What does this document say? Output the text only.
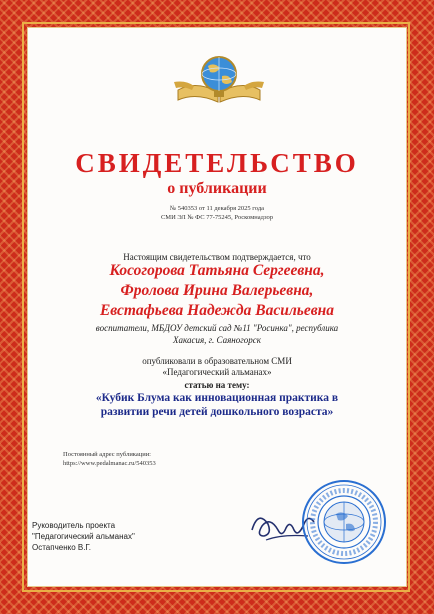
СВИДЕТЕЛЬСТВО
о публикации
№ 540353 от 11 декабря 2025 года
СМИ ЭЛ № ФС 77-75245, Роскомнадзор
Настоящим свидетельством подтверждается, что
Косогорова Татьяна Сергеевна,
Фролова Ирина Валерьевна,
Евстафьева Надежда Васильевна
воспитатели, МБДОУ детский сад №11 "Росинка", республика
Хакасия, г. Саяногорск
опубликовали в образовательном СМИ
«Педагогический альманах»
статью на тему:
«Кубик Блума как инновационная практика в
развитии речи детей дошкольного возраста»
Постоянный адрес публикации:
https://www.pedalmanac.ru/540353
Руководитель проекта
"Педагогический альманах"
Остапченко В.Г.
